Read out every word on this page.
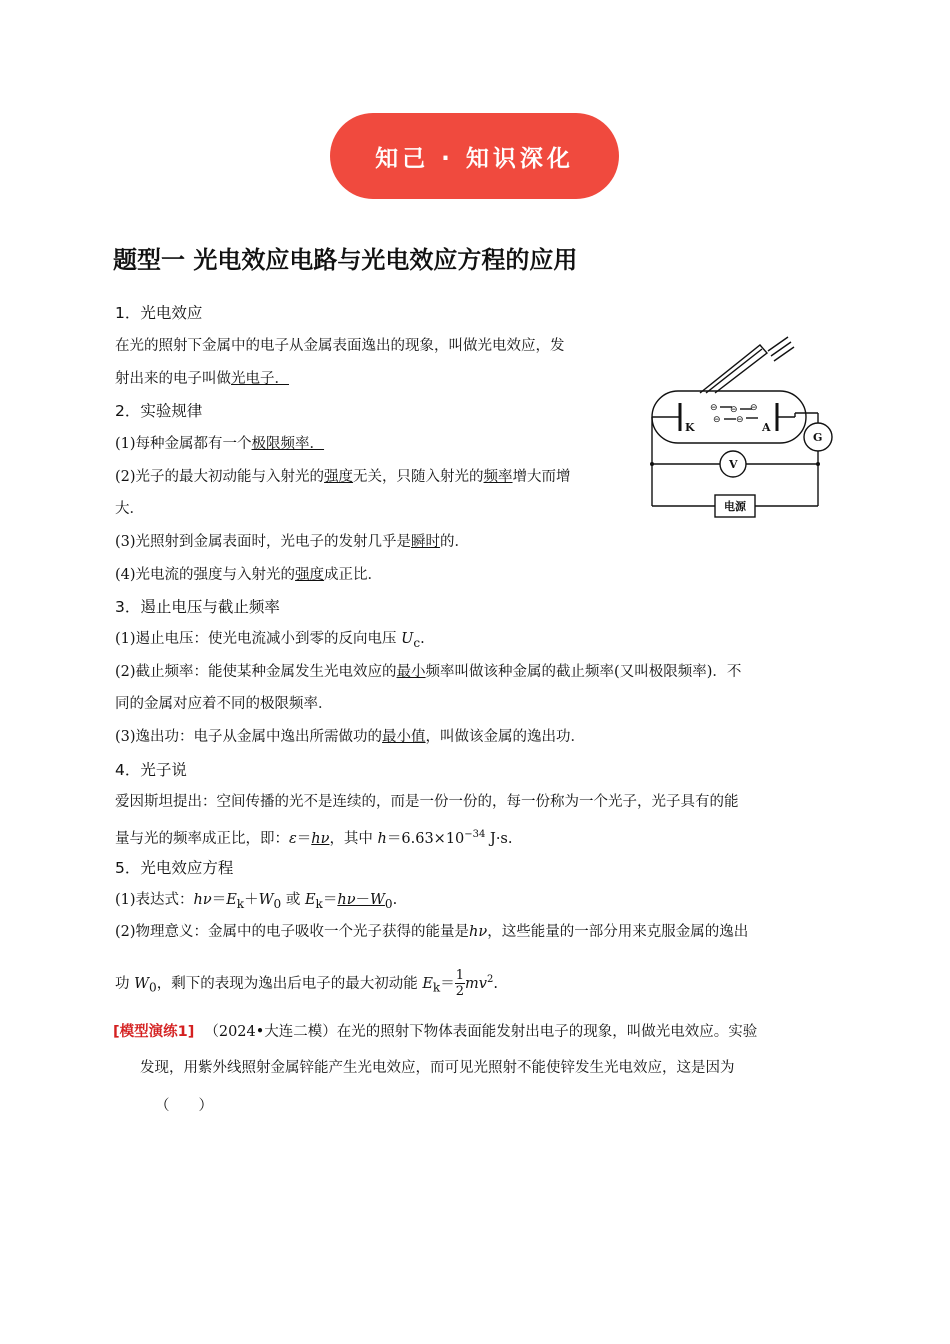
知己 · 知识深化
题型一 光电效应电路与光电效应方程的应用
1．光电效应
在光的照射下金属中的电子从金属表面逸出的现象，叫做光电效应，发
射出来的电子叫做光电子．
2．实验规律
(1)每种金属都有一个极限频率．
(2)光子的最大初动能与入射光的强度无关，只随入射光的频率增大而增
大．
(3)光照射到金属表面时，光电子的发射几乎是瞬时的．
(4)光电流的强度与入射光的强度成正比．
3．遏止电压与截止频率
(1)遏止电压：使光电流减小到零的反向电压 $U_c$.
(2)截止频率：能使某种金属发生光电效应的最小频率叫做该种金属的截止频率(又叫极限频率)．不
同的金属对应着不同的极限频率．
(3)逸出功：电子从金属中逸出所需做功的最小值，叫做该金属的逸出功．
4．光子说
爱因斯坦提出：空间传播的光不是连续的，而是一份一份的，每一份称为一个光子，光子具有的能
量与光的频率成正比，即：ε＝hν，其中 $h=6.63\times 10^{-34}$ J·s.
5．光电效应方程
(1)表达式：$h\nu=E_k+W_0$ 或 $E_k=h\nu-W_0$.
(2)物理意义：金属中的电子吸收一个光子获得的能量是hν，这些能量的一部分用来克服金属的逸出
功 $W_0$，剩下的表现为逸出后电子的最大初动能 $E_k= \frac{1}{2} mv^2$.
[模型演练1] （2024•大连二模）在光的照射下物体表面能发射出电子的现象，叫做光电效应。实验
发现，用紫外线照射金属锌能产生光电效应，而可见光照射不能使锌发生光电效应，这是因为
（　　）
⊖ ⊖ ⊖
⊖ ⊖
K	A
G
V
电源
